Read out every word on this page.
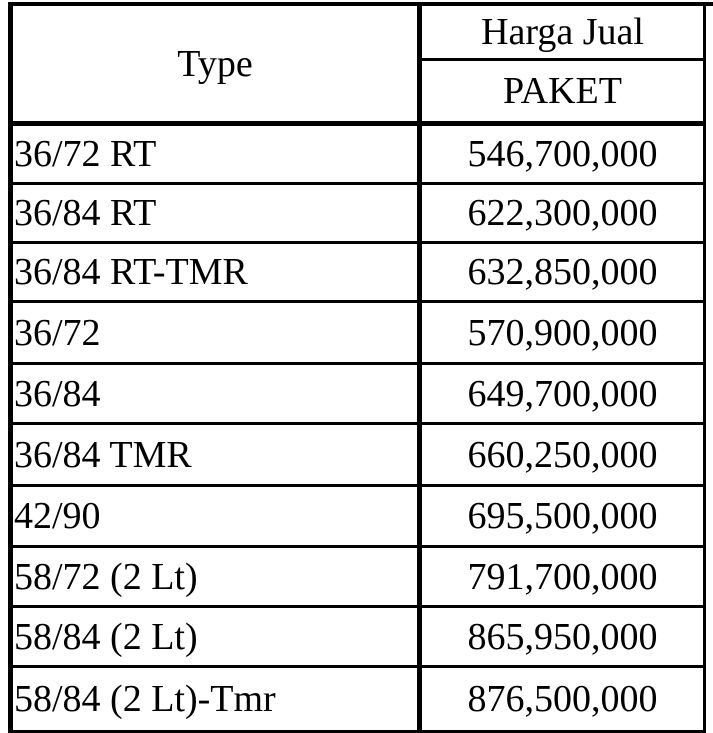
Type
Harga Jual
PAKET
36/72 RT	546,700,000
36/84 RT	622,300,000
36/84 RT-TMR	632,850,000
36/72	570,900,000
36/84	649,700,000
36/84 TMR	660,250,000
42/90	695,500,000
58/72 (2 Lt)	791,700,000
58/84 (2 Lt)	865,950,000
58/84 (2 Lt)-Tmr	876,500,000
